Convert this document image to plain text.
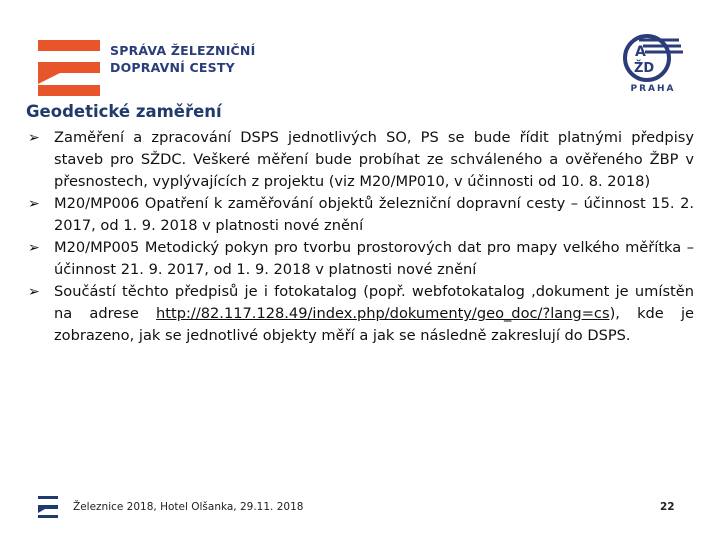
SPRÁVA ŽELEZNIČNÍ
DOPRAVNÍ CESTY
A
ŽD
PRAHA
Geodetické zaměření
➢ Zaměření a zpracování DSPS jednotlivých SO, PS se bude řídit platnými předpisy staveb pro SŽDC. Veškeré měření bude probíhat ze schváleného a ověřeného ŽBP v přesnostech, vyplývajících z projektu (viz M20/MP010, v účinnosti od 10. 8. 2018)
➢ M20/MP006 Opatření k zaměřování objektů železniční dopravní cesty – účinnost 15. 2. 2017, od 1. 9. 2018 v platnosti nové znění
➢ M20/MP005 Metodický pokyn pro tvorbu prostorových dat pro mapy velkého měřítka – účinnost 21. 9. 2017, od 1. 9. 2018 v platnosti nové znění
➢ Součástí těchto předpisů je i fotokatalog (popř. webfotokatalog ,dokument je umístěn na adrese http://82.117.128.49/index.php/dokumenty/geo_doc/?lang=cs), kde je zobrazeno, jak se jednotlivé objekty měří a jak se následně zakreslují do DSPS.
Železnice 2018, Hotel Olšanka, 29.11. 2018	22
